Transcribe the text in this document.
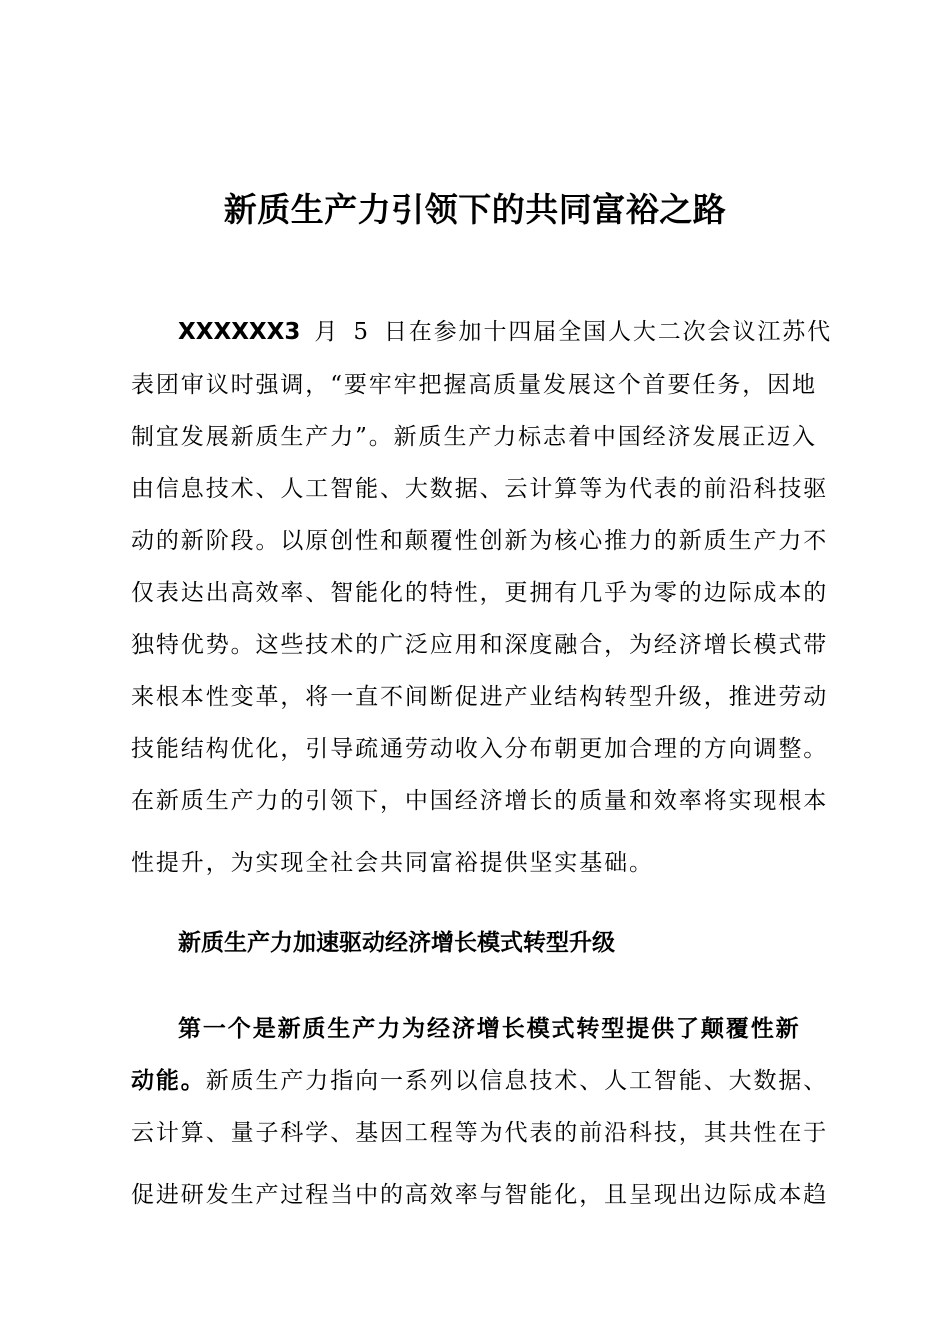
新质生产力引领下的共同富裕之路
XXXXXX3 月 5 日在参加十四届全国人大二次会议江苏代
表团审议时强调，“要牢牢把握高质量发展这个首要任务，因地
制宜发展新质生产力”。新质生产力标志着中国经济发展正迈入
由信息技术、人工智能、大数据、云计算等为代表的前沿科技驱
动的新阶段。以原创性和颠覆性创新为核心推力的新质生产力不
仅表达出高效率、智能化的特性，更拥有几乎为零的边际成本的
独特优势。这些技术的广泛应用和深度融合，为经济增长模式带
来根本性变革，将一直不间断促进产业结构转型升级，推进劳动
技能结构优化，引导疏通劳动收入分布朝更加合理的方向调整。
在新质生产力的引领下，中国经济增长的质量和效率将实现根本
性提升，为实现全社会共同富裕提供坚实基础。
新质生产力加速驱动经济增长模式转型升级
第一个是新质生产力为经济增长模式转型提供了颠覆性新
动能。新质生产力指向一系列以信息技术、人工智能、大数据、
云计算、量子科学、基因工程等为代表的前沿科技，其共性在于
促进研发生产过程当中的高效率与智能化，且呈现出边际成本趋
